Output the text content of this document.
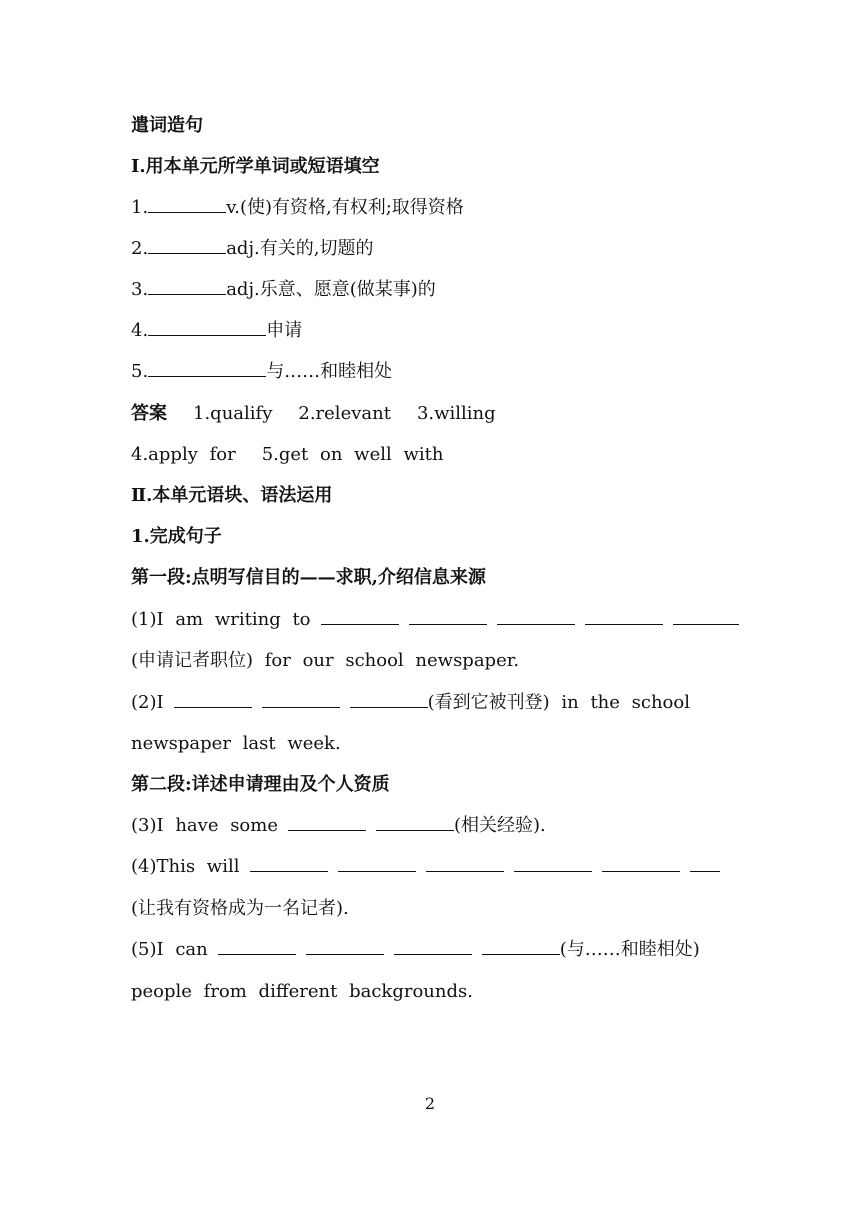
遣词造句
Ⅰ.用本单元所学单词或短语填空
1.	v.(使)有资格,有权利;取得资格
2.	adj.有关的,切题的
3.	adj.乐意、愿意(做某事)的
4.	申请
5.	与……和睦相处
答案 1.qualify 2.relevant 3.willing
4.apply for 5.get on well with
Ⅱ.本单元语块、语法运用
1.完成句子
第一段:点明写信目的——求职,介绍信息来源
(1)I am writing to
(申请记者职位) for our school newspaper.
(2)I	(看到它被刊登) in the school
newspaper last week.
第二段:详述申请理由及个人资质
(3)I have some	(相关经验).
(4)This will
(让我有资格成为一名记者).
(5)I can	(与……和睦相处)
people from different backgrounds.
2
